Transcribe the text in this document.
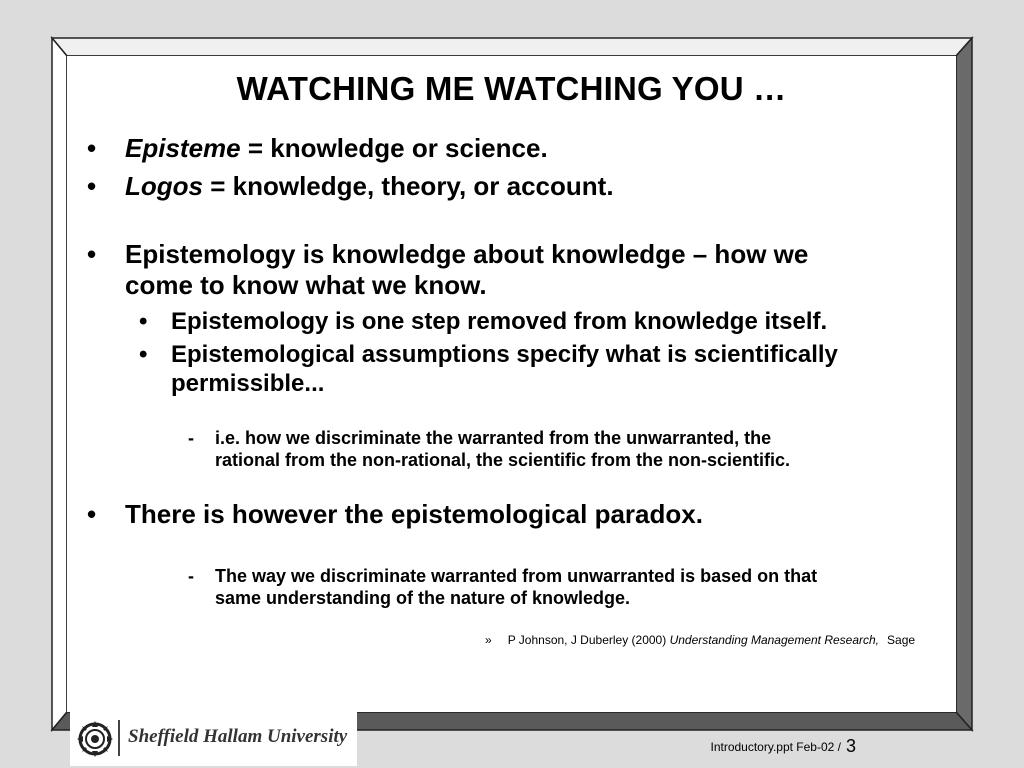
WATCHING ME WATCHING YOU …
• Episteme = knowledge or science.
• Logos = knowledge, theory, or account.
• Epistemology is knowledge about knowledge – how we
come to know what we know.
• Epistemology is one step removed from knowledge itself.
• Epistemological assumptions specify what is scientifically
permissible...
- i.e. how we discriminate the warranted from the unwarranted, the
rational from the non-rational, the scientific from the non-scientific.
• There is however the epistemological paradox.
- The way we discriminate warranted from unwarranted is based on that
same understanding of the nature of knowledge.
» P Johnson, J Duberley (2000) Understanding Management Research, Sage
Sheffield Hallam University	Introductory.ppt Feb-02 / 3
